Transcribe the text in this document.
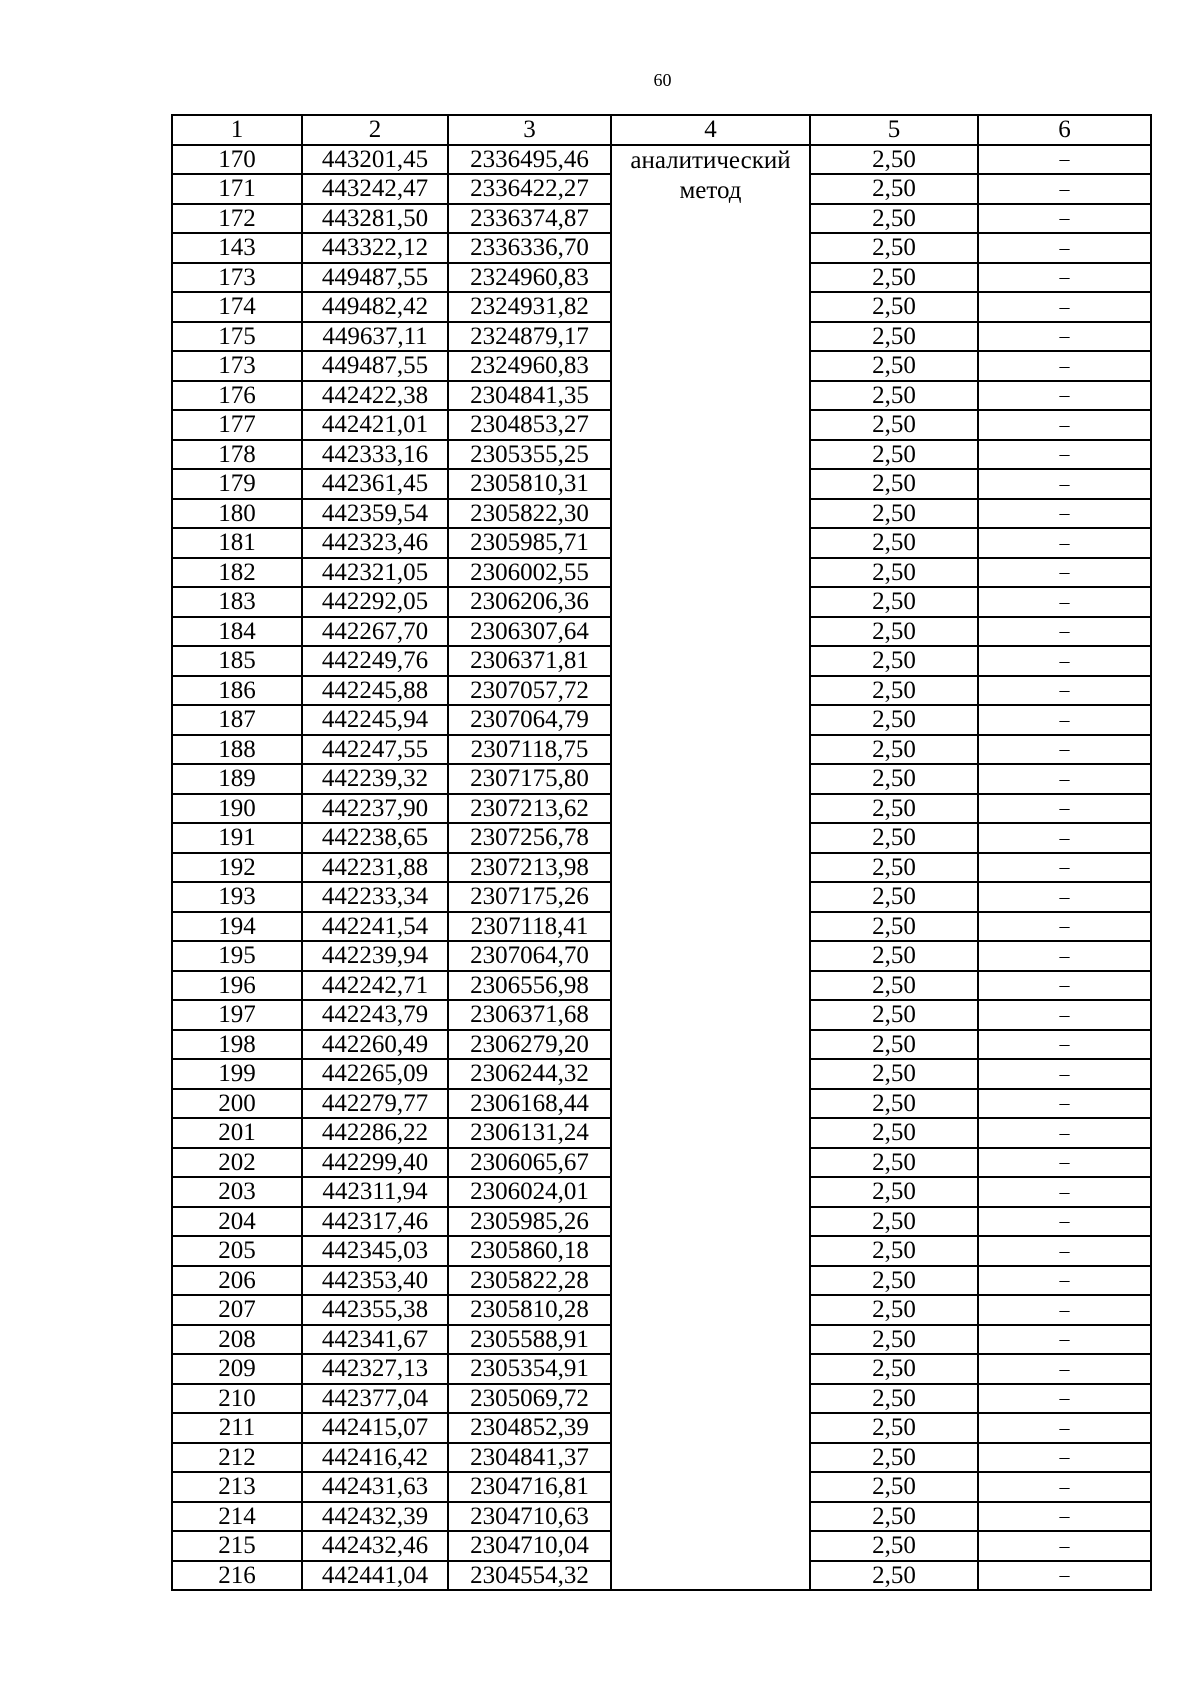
60
1	2	3	4	5	6
170	443201,45	2336495,46	аналитический метод	2,50	–
171	443242,47	2336422,27		2,50	–
172	443281,50	2336374,87		2,50	–
143	443322,12	2336336,70		2,50	–
173	449487,55	2324960,83		2,50	–
174	449482,42	2324931,82		2,50	–
175	449637,11	2324879,17		2,50	–
173	449487,55	2324960,83		2,50	–
176	442422,38	2304841,35		2,50	–
177	442421,01	2304853,27		2,50	–
178	442333,16	2305355,25		2,50	–
179	442361,45	2305810,31		2,50	–
180	442359,54	2305822,30		2,50	–
181	442323,46	2305985,71		2,50	–
182	442321,05	2306002,55		2,50	–
183	442292,05	2306206,36		2,50	–
184	442267,70	2306307,64		2,50	–
185	442249,76	2306371,81		2,50	–
186	442245,88	2307057,72		2,50	–
187	442245,94	2307064,79		2,50	–
188	442247,55	2307118,75		2,50	–
189	442239,32	2307175,80		2,50	–
190	442237,90	2307213,62		2,50	–
191	442238,65	2307256,78		2,50	–
192	442231,88	2307213,98		2,50	–
193	442233,34	2307175,26		2,50	–
194	442241,54	2307118,41		2,50	–
195	442239,94	2307064,70		2,50	–
196	442242,71	2306556,98		2,50	–
197	442243,79	2306371,68		2,50	–
198	442260,49	2306279,20		2,50	–
199	442265,09	2306244,32		2,50	–
200	442279,77	2306168,44		2,50	–
201	442286,22	2306131,24		2,50	–
202	442299,40	2306065,67		2,50	–
203	442311,94	2306024,01		2,50	–
204	442317,46	2305985,26		2,50	–
205	442345,03	2305860,18		2,50	–
206	442353,40	2305822,28		2,50	–
207	442355,38	2305810,28		2,50	–
208	442341,67	2305588,91		2,50	–
209	442327,13	2305354,91		2,50	–
210	442377,04	2305069,72		2,50	–
211	442415,07	2304852,39		2,50	–
212	442416,42	2304841,37		2,50	–
213	442431,63	2304716,81		2,50	–
214	442432,39	2304710,63		2,50	–
215	442432,46	2304710,04		2,50	–
216	442441,04	2304554,32		2,50	–
